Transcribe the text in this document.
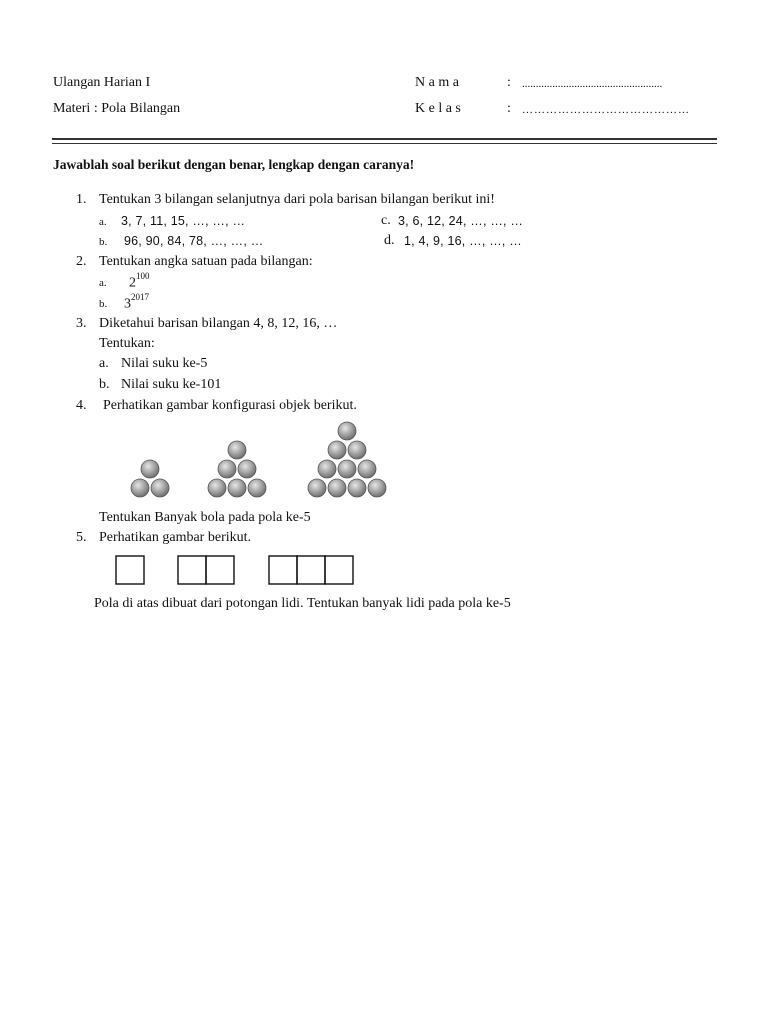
Ulangan Harian I
Materi : Pola Bilangan
N a m a	: ...................................................
K e l a s	: ……………………………………
Jawablah soal berikut dengan benar, lengkap dengan caranya!
1. Tentukan 3 bilangan selanjutnya dari pola barisan bilangan berikut ini!
a. 3, 7, 11, 15, …, …, …
b. 96, 90, 84, 78, …, …, …
c. 3, 6, 12, 24, …, …, …
d. 1, 4, 9, 16, …, …, …
2. Tentukan angka satuan pada bilangan:
a. $2^{100}$
b. $3^{2017}$
3. Diketahui barisan bilangan 4, 8, 12, 16, …
Tentukan:
a. Nilai suku ke-5
b. Nilai suku ke-101
4. Perhatikan gambar konfigurasi objek berikut.
Tentukan Banyak bola pada pola ke-5
5. Perhatikan gambar berikut.
Pola di atas dibuat dari potongan lidi. Tentukan banyak lidi pada pola ke-5
